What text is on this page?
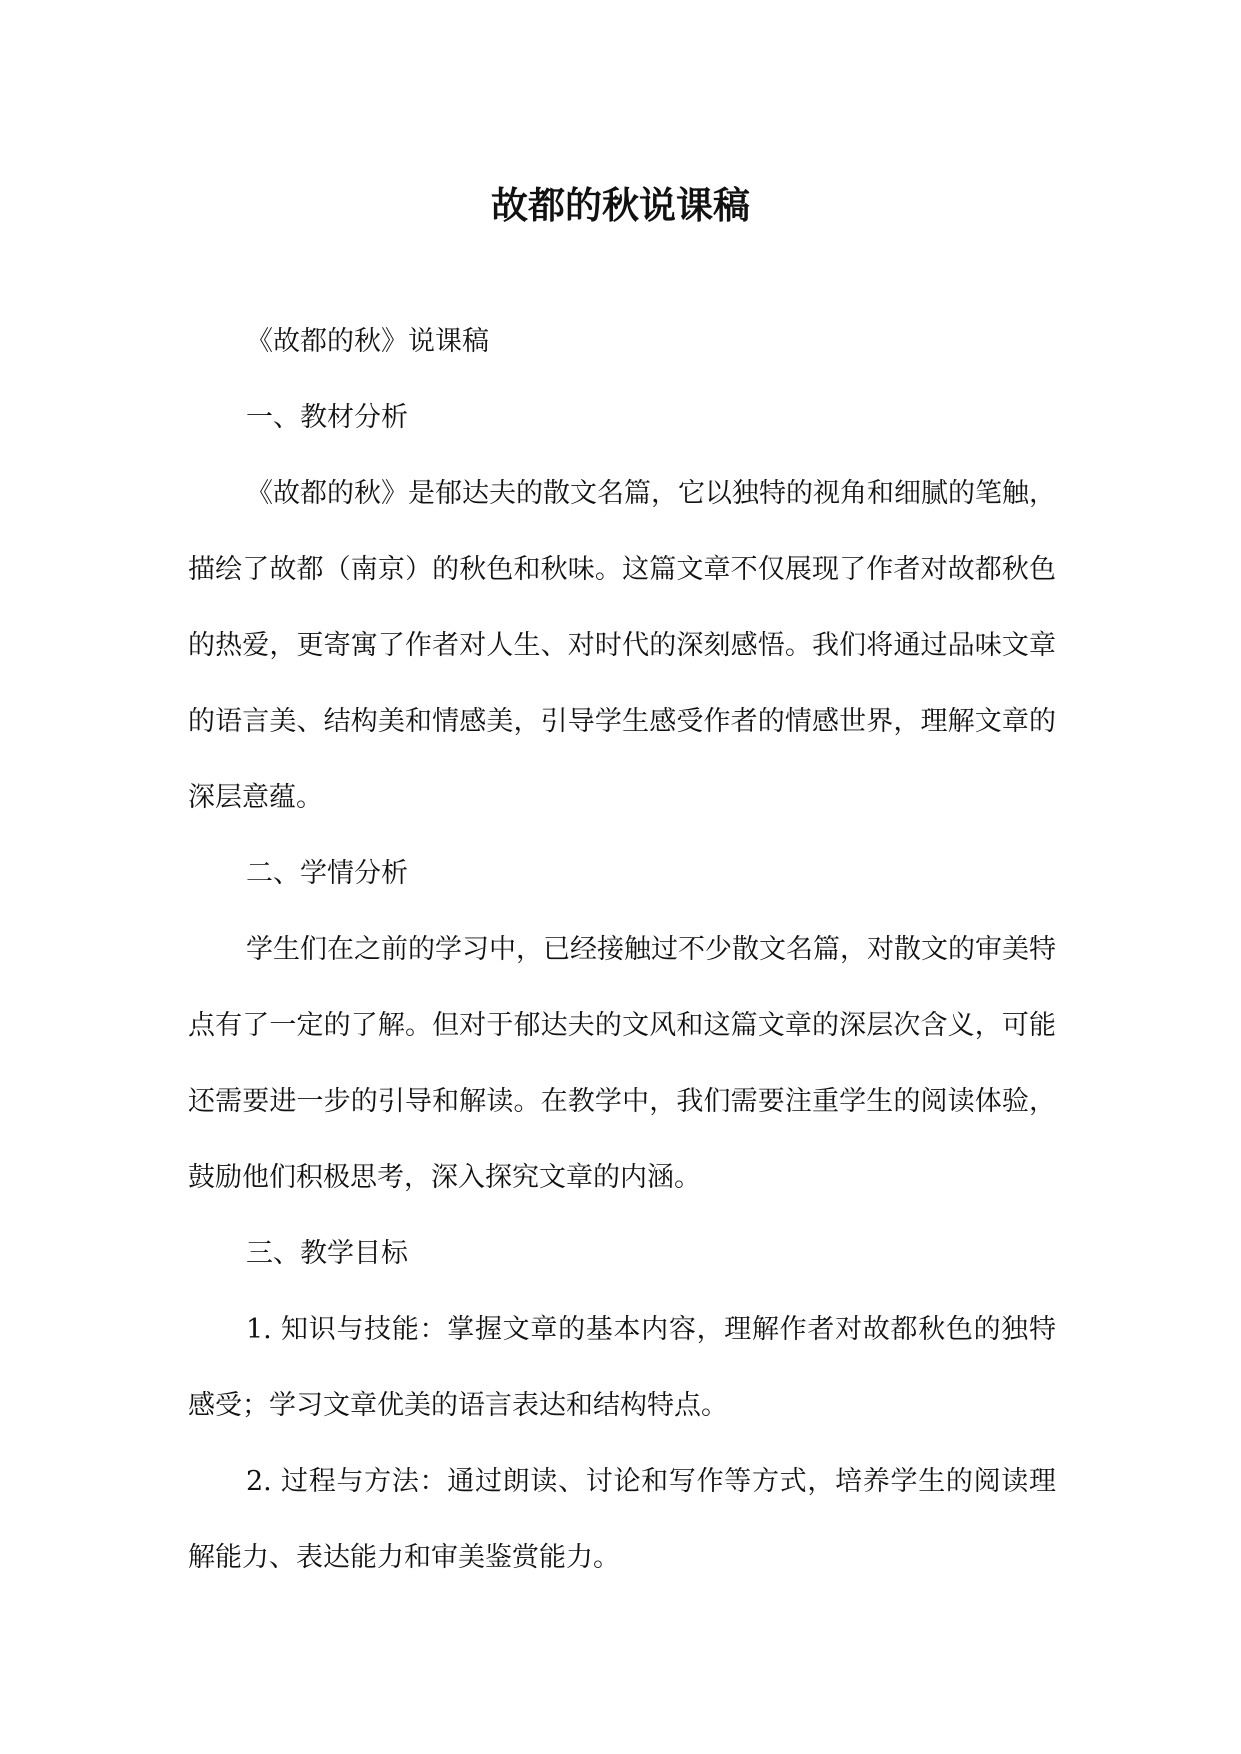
故都的秋说课稿

《故都的秋》说课稿

一、教材分析

《故都的秋》是郁达夫的散文名篇，它以独特的视角和细腻的笔触，描绘了故都（南京）的秋色和秋味。这篇文章不仅展现了作者对故都秋色的热爱，更寄寓了作者对人生、对时代的深刻感悟。我们将通过品味文章的语言美、结构美和情感美，引导学生感受作者的情感世界，理解文章的深层意蕴。

二、学情分析

学生们在之前的学习中，已经接触过不少散文名篇，对散文的审美特点有了一定的了解。但对于郁达夫的文风和这篇文章的深层次含义，可能还需要进一步的引导和解读。在教学中，我们需要注重学生的阅读体验，鼓励他们积极思考，深入探究文章的内涵。

三、教学目标

1. 知识与技能：掌握文章的基本内容，理解作者对故都秋色的独特感受；学习文章优美的语言表达和结构特点。

2. 过程与方法：通过朗读、讨论和写作等方式，培养学生的阅读理解能力、表达能力和审美鉴赏能力。
